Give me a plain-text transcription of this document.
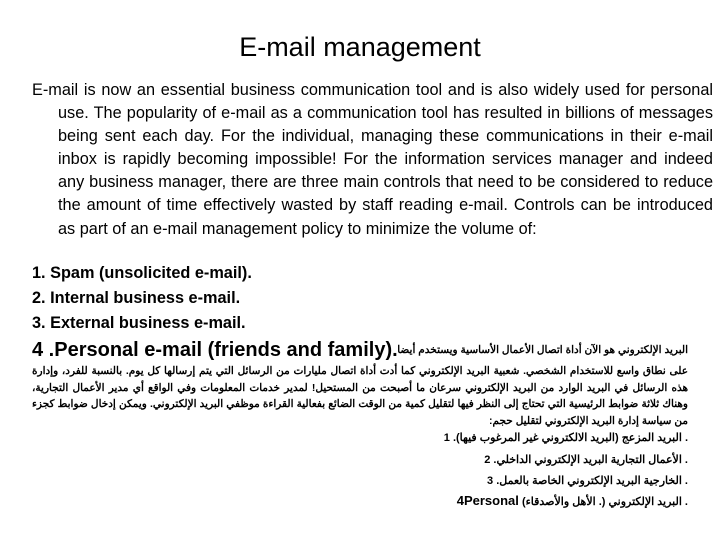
E-mail management
E-mail is now an essential business communication tool and is also widely used for personal use. The popularity of e-mail as a communication tool has resulted in billions of messages being sent each day. For the individual, managing these communications in their e-mail inbox is rapidly becoming impossible! For the information services manager and indeed any business manager, there are three main controls that need to be considered to reduce the amount of time effectively wasted by staff reading e-mail. Controls can be introduced as part of an e-mail management policy to minimize the volume of:
1. Spam (unsolicited e-mail).
2. Internal business e-mail.
3. External business e-mail.
4 .Personal e-mail (friends and family). البريد الإلكتروني هو الآن أداة اتصال الأعمال الأساسية ويستخدم أيضا
على نطاق واسع للاستخدام الشخصي. شعبية البريد الإلكتروني كما أدت أداة اتصال مليارات من الرسائل التي يتم إرسالها كل يوم. بالنسبة للفرد، وإدارة هذه الرسائل في البريد الوارد من البريد الإلكتروني سرعان ما أصبحت من المستحيل! لمدير خدمات المعلومات وفي الواقع أي مدير الأعمال التجارية، وهناك ثلاثة ضوابط الرئيسية التي تحتاج إلى النظر فيها لتقليل كمية من الوقت الضائع بفعالية القراءة موظفي البريد الإلكتروني. ويمكن إدخال ضوابط كجزء من سياسة إدارة البريد الإلكتروني لتقليل حجم:
. البريد المزعج (البريد الالكتروني غير المرغوب فيها). 1
. الأعمال التجارية البريد الإلكتروني الداخلي. 2
. الخارجية البريد الإلكتروني الخاصة بالعمل. 3
. البريد الإلكتروني (. الأهل والأصدقاء) 4Personal
